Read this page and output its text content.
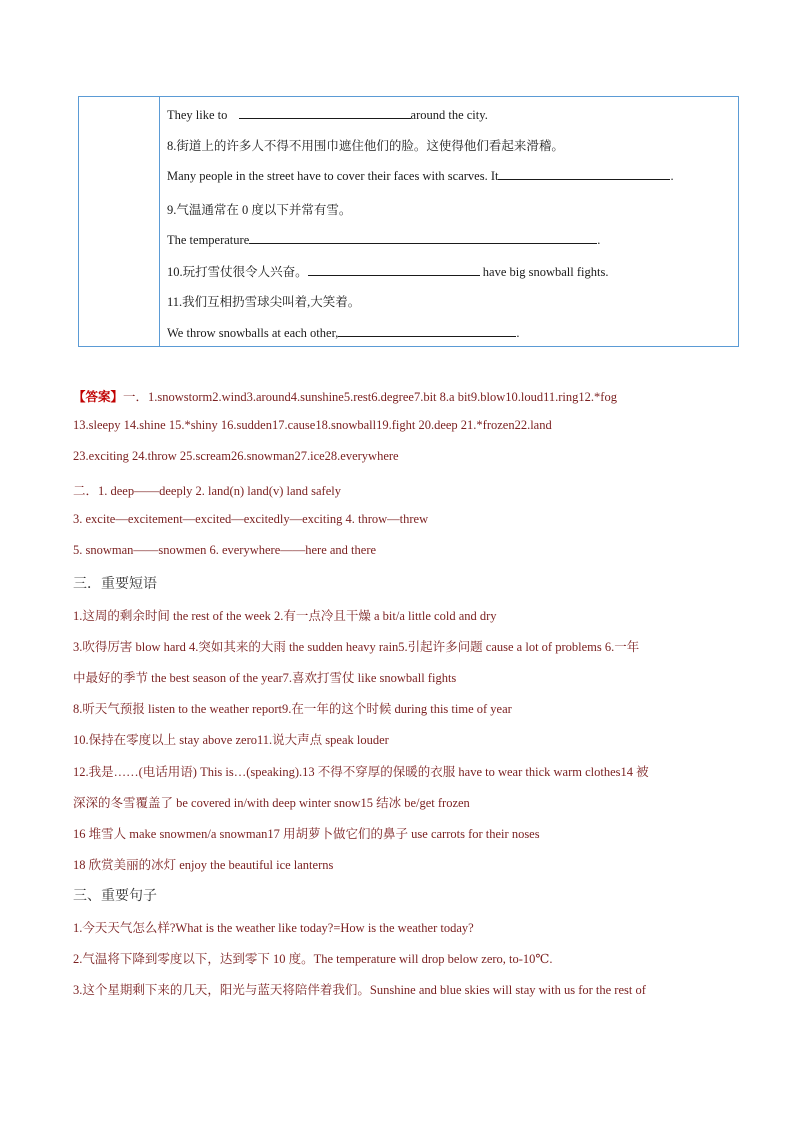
They like to	around the city.
8.街道上的许多人不得不用围巾遮住他们的脸。这使得他们看起来滑稽。
Many people in the street have to cover their faces with scarves. It	.
9.气温通常在 0 度以下并常有雪。
The temperature	.
10.玩打雪仗很令人兴奋。	have big snowball fights.
11.我们互相扔雪球尖叫着,大笑着。
We throw snowballs at each other,	.
【答案】一．1.snowstorm2.wind3.around4.sunshine5.rest6.degree7.bit 8.a bit9.blow10.loud11.ring12.*fog
13.sleepy 14.shine 15.*shiny 16.sudden17.cause18.snowball19.fight 20.deep 21.*frozen22.land
23.exciting 24.throw 25.scream26.snowman27.ice28.everywhere
二．1. deep——deeply 2. land(n) land(v) land safely
3. excite—excitement—excited—excitedly—exciting 4. throw—threw
5. snowman——snowmen 6. everywhere——here and there
三．重要短语
1.这周的剩余时间 the rest of the week 2.有一点冷且干燥 a bit/a little cold and dry
3.吹得厉害 blow hard 4.突如其来的大雨 the sudden heavy rain5.引起许多问题 cause a lot of problems 6.一年
中最好的季节 the best season of the year7.喜欢打雪仗 like snowball fights
8.听天气预报 listen to the weather report9.在一年的这个时候 during this time of year
10.保持在零度以上 stay above zero11.说大声点 speak louder
12.我是……(电话用语) This is…(speaking).13 不得不穿厚的保暖的衣服 have to wear thick warm clothes14 被
深深的冬雪覆盖了 be covered in/with deep winter snow15 结冰 be/get frozen
16 堆雪人 make snowmen/a snowman17 用胡萝卜做它们的鼻子 use carrots for their noses
18 欣赏美丽的冰灯 enjoy the beautiful ice lanterns
三、重要句子
1.今天天气怎么样?What is the weather like today?=How is the weather today?
2.气温将下降到零度以下，达到零下 10 度。The temperature will drop below zero, to-10℃.
3.这个星期剩下来的几天，阳光与蓝天将陪伴着我们。Sunshine and blue skies will stay with us for the rest of
